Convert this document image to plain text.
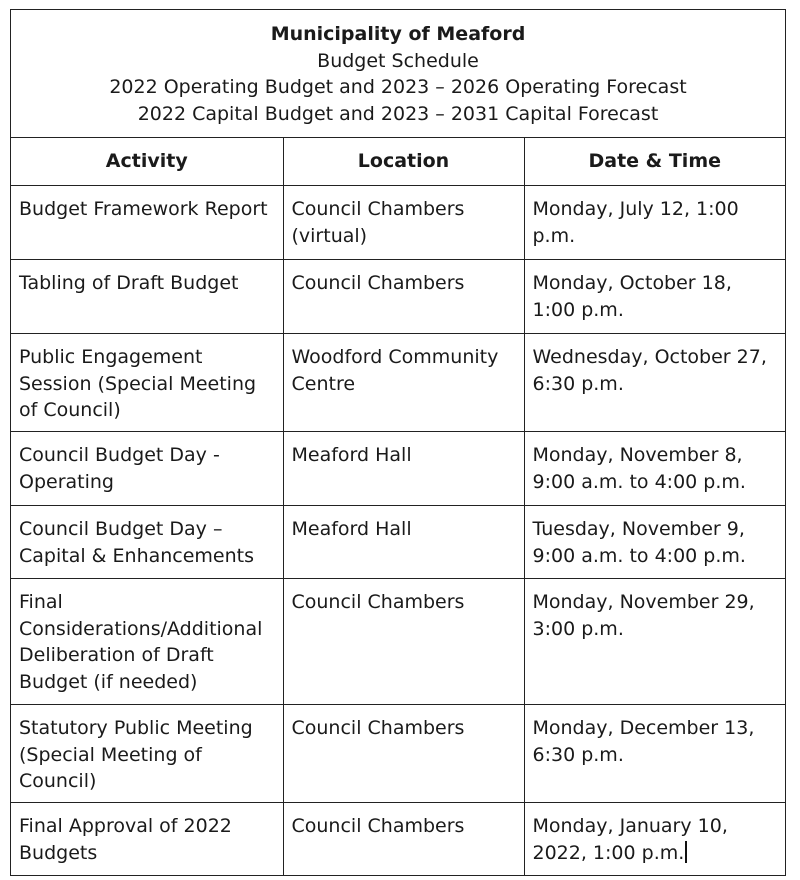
Municipality of Meaford
Budget Schedule
2022 Operating Budget and 2023 – 2026 Operating Forecast
2022 Capital Budget and 2023 – 2031 Capital Forecast
Activity	Location	Date & Time
Budget Framework Report	Council Chambers (virtual)	Monday, July 12, 1:00 p.m.
Tabling of Draft Budget	Council Chambers	Monday, October 18, 1:00 p.m.
Public Engagement Session (Special Meeting of Council)	Woodford Community Centre	Wednesday, October 27, 6:30 p.m.
Council Budget Day - Operating	Meaford Hall	Monday, November 8, 9:00 a.m. to 4:00 p.m.
Council Budget Day – Capital & Enhancements	Meaford Hall	Tuesday, November 9, 9:00 a.m. to 4:00 p.m.
Final Considerations/Additional Deliberation of Draft Budget (if needed)	Council Chambers	Monday, November 29, 3:00 p.m.
Statutory Public Meeting (Special Meeting of Council)	Council Chambers	Monday, December 13, 6:30 p.m.
Final Approval of 2022 Budgets	Council Chambers	Monday, January 10, 2022, 1:00 p.m.
